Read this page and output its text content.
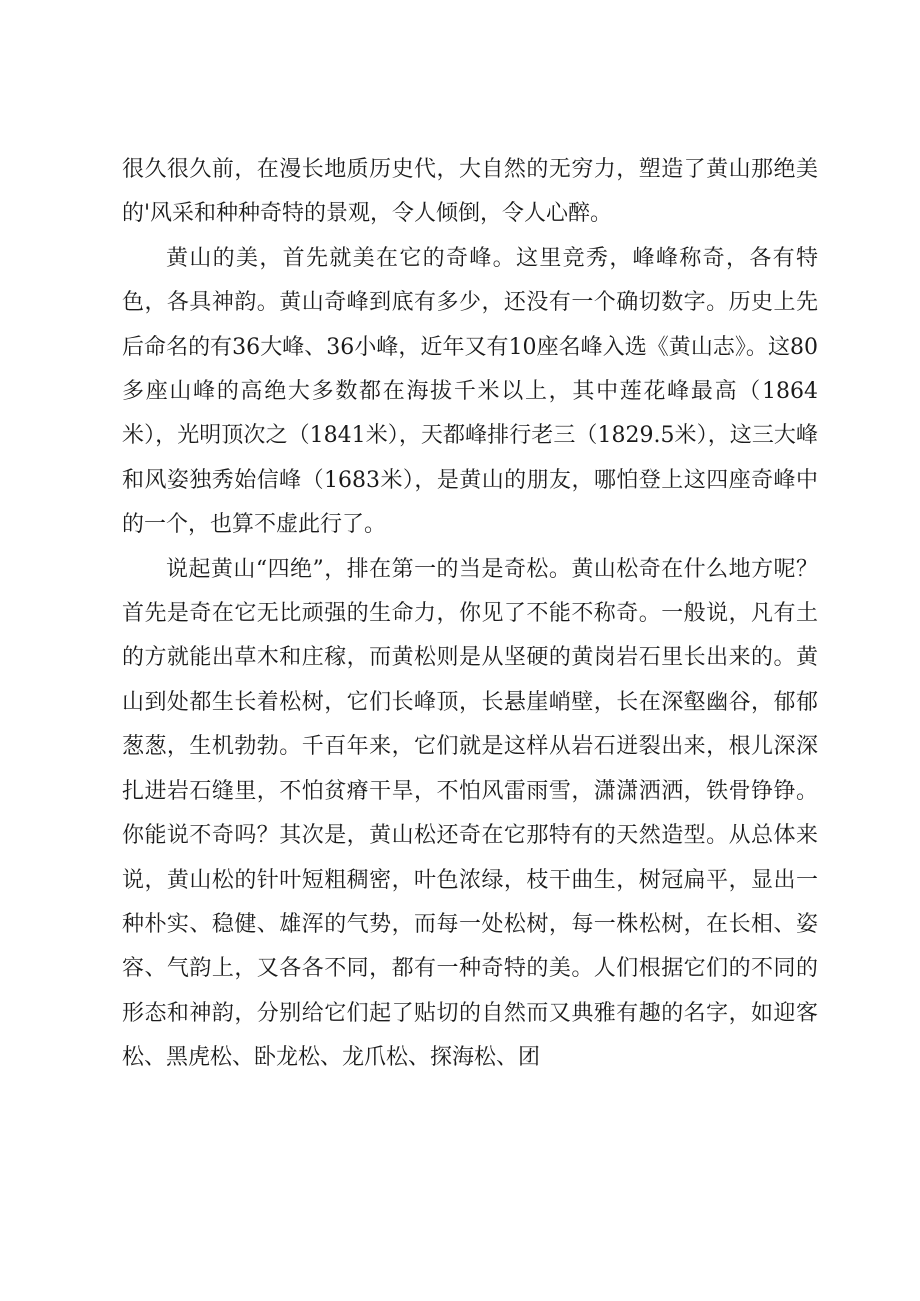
很久很久前，在漫长地质历史代，大自然的无穷力，塑造了黄山那绝美的'风采和种种奇特的景观，令人倾倒，令人心醉。

黄山的美，首先就美在它的奇峰。这里竞秀，峰峰称奇，各有特色，各具神韵。黄山奇峰到底有多少，还没有一个确切数字。历史上先后命名的有36大峰、36小峰，近年又有10座名峰入选《黄山志》。这80多座山峰的高绝大多数都在海拔千米以上，其中莲花峰最高（1864米），光明顶次之（1841米），天都峰排行老三（1829.5米），这三大峰和风姿独秀始信峰（1683米），是黄山的朋友，哪怕登上这四座奇峰中的一个，也算不虚此行了。

说起黄山“四绝”，排在第一的当是奇松。黄山松奇在什么地方呢？首先是奇在它无比顽强的生命力，你见了不能不称奇。一般说，凡有土的方就能出草木和庄稼，而黄松则是从坚硬的黄岗岩石里长出来的。黄山到处都生长着松树，它们长峰顶，长悬崖峭壁，长在深壑幽谷，郁郁葱葱，生机勃勃。千百年来，它们就是这样从岩石迸裂出来，根儿深深扎进岩石缝里，不怕贫瘠干旱，不怕风雷雨雪，潇潇洒洒，铁骨铮铮。你能说不奇吗？其次是，黄山松还奇在它那特有的天然造型。从总体来说，黄山松的针叶短粗稠密，叶色浓绿，枝干曲生，树冠扁平，显出一种朴实、稳健、雄浑的气势，而每一处松树，每一株松树，在长相、姿容、气韵上，又各各不同，都有一种奇特的美。人们根据它们的不同的形态和神韵，分别给它们起了贴切的自然而又典雅有趣的名字，如迎客松、黑虎松、卧龙松、龙爪松、探海松、团
